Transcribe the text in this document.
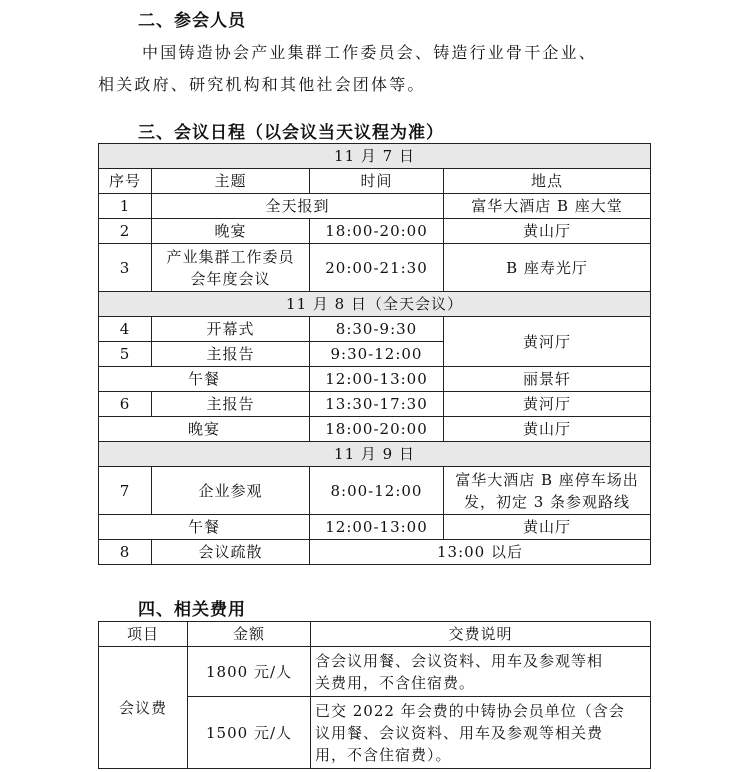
二、参会人员
中国铸造协会产业集群工作委员会、铸造行业骨干企业、
相关政府、研究机构和其他社会团体等。
三、会议日程（以会议当天议程为准）
11 月 7 日			
序号	主题	时间	地点
1	全天报到		富华大酒店 B 座大堂
2	晚宴	18:00-20:00	黄山厅
3	产业集群工作委员
会年度会议	20:00-21:30	B 座寿光厅
11 月 8 日（全天会议）			
4	开幕式	8:30-9:30	黄河厅
5	主报告	9:30-12:00	
午餐		12:00-13:00	丽景轩
6	主报告	13:30-17:30	黄河厅
晚宴		18:00-20:00	黄山厅
11 月 9 日			
7	企业参观	8:00-12:00	富华大酒店 B 座停车场出
发，初定 3 条参观路线

午餐		12:00-13:00	黄山厅
8	会议疏散	13:00 以后	
四、相关费用
项目	金额	交费说明
会议费	1800 元/人	含会议用餐、会议资料、用车及参观等相
关费用，不含住宿费。

	1500 元/人	已交 2022 年会费的中铸协会员单位（含会
议用餐、会议资料、用车及参观等相关费
用，不含住宿费）。
